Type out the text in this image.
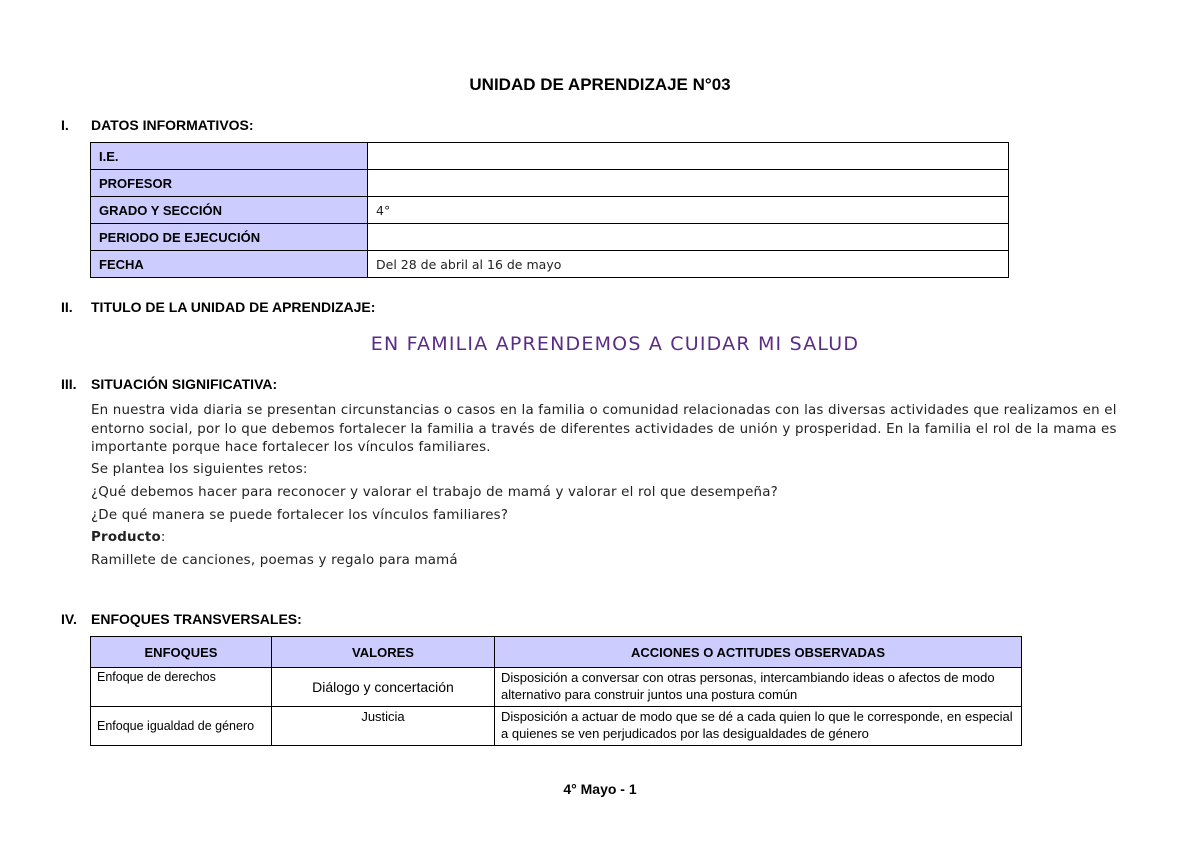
UNIDAD DE APRENDIZAJE N°03
I. DATOS INFORMATIVOS:
I.E.	
PROFESOR	
GRADO Y SECCIÓN	4°
PERIODO DE EJECUCIÓN	
FECHA	Del 28 de abril al 16 de mayo
II. TITULO DE LA UNIDAD DE APRENDIZAJE:
EN FAMILIA APRENDEMOS A CUIDAR MI SALUD
III. SITUACIÓN SIGNIFICATIVA:
En nuestra vida diaria se presentan circunstancias o casos en la familia o comunidad relacionadas con las diversas actividades que realizamos en el entorno social, por lo que debemos fortalecer la familia a través de diferentes actividades de unión y prosperidad. En la familia el rol de la mama es importante porque hace fortalecer los vínculos familiares.
Se plantea los siguientes retos:
¿Qué debemos hacer para reconocer y valorar el trabajo de mamá y valorar el rol que desempeña?
¿De qué manera se puede fortalecer los vínculos familiares?
Producto:
Ramillete de canciones, poemas y regalo para mamá
IV. ENFOQUES TRANSVERSALES:
ENFOQUES	VALORES	ACCIONES O ACTITUDES OBSERVADAS
Enfoque de derechos	Diálogo y concertación	Disposición a conversar con otras personas, intercambiando ideas o afectos de modo alternativo para construir juntos una postura común
Enfoque igualdad de género	Justicia	Disposición a actuar de modo que se dé a cada quien lo que le corresponde, en especial a quienes se ven perjudicados por las desigualdades de género
4° Mayo - 1
